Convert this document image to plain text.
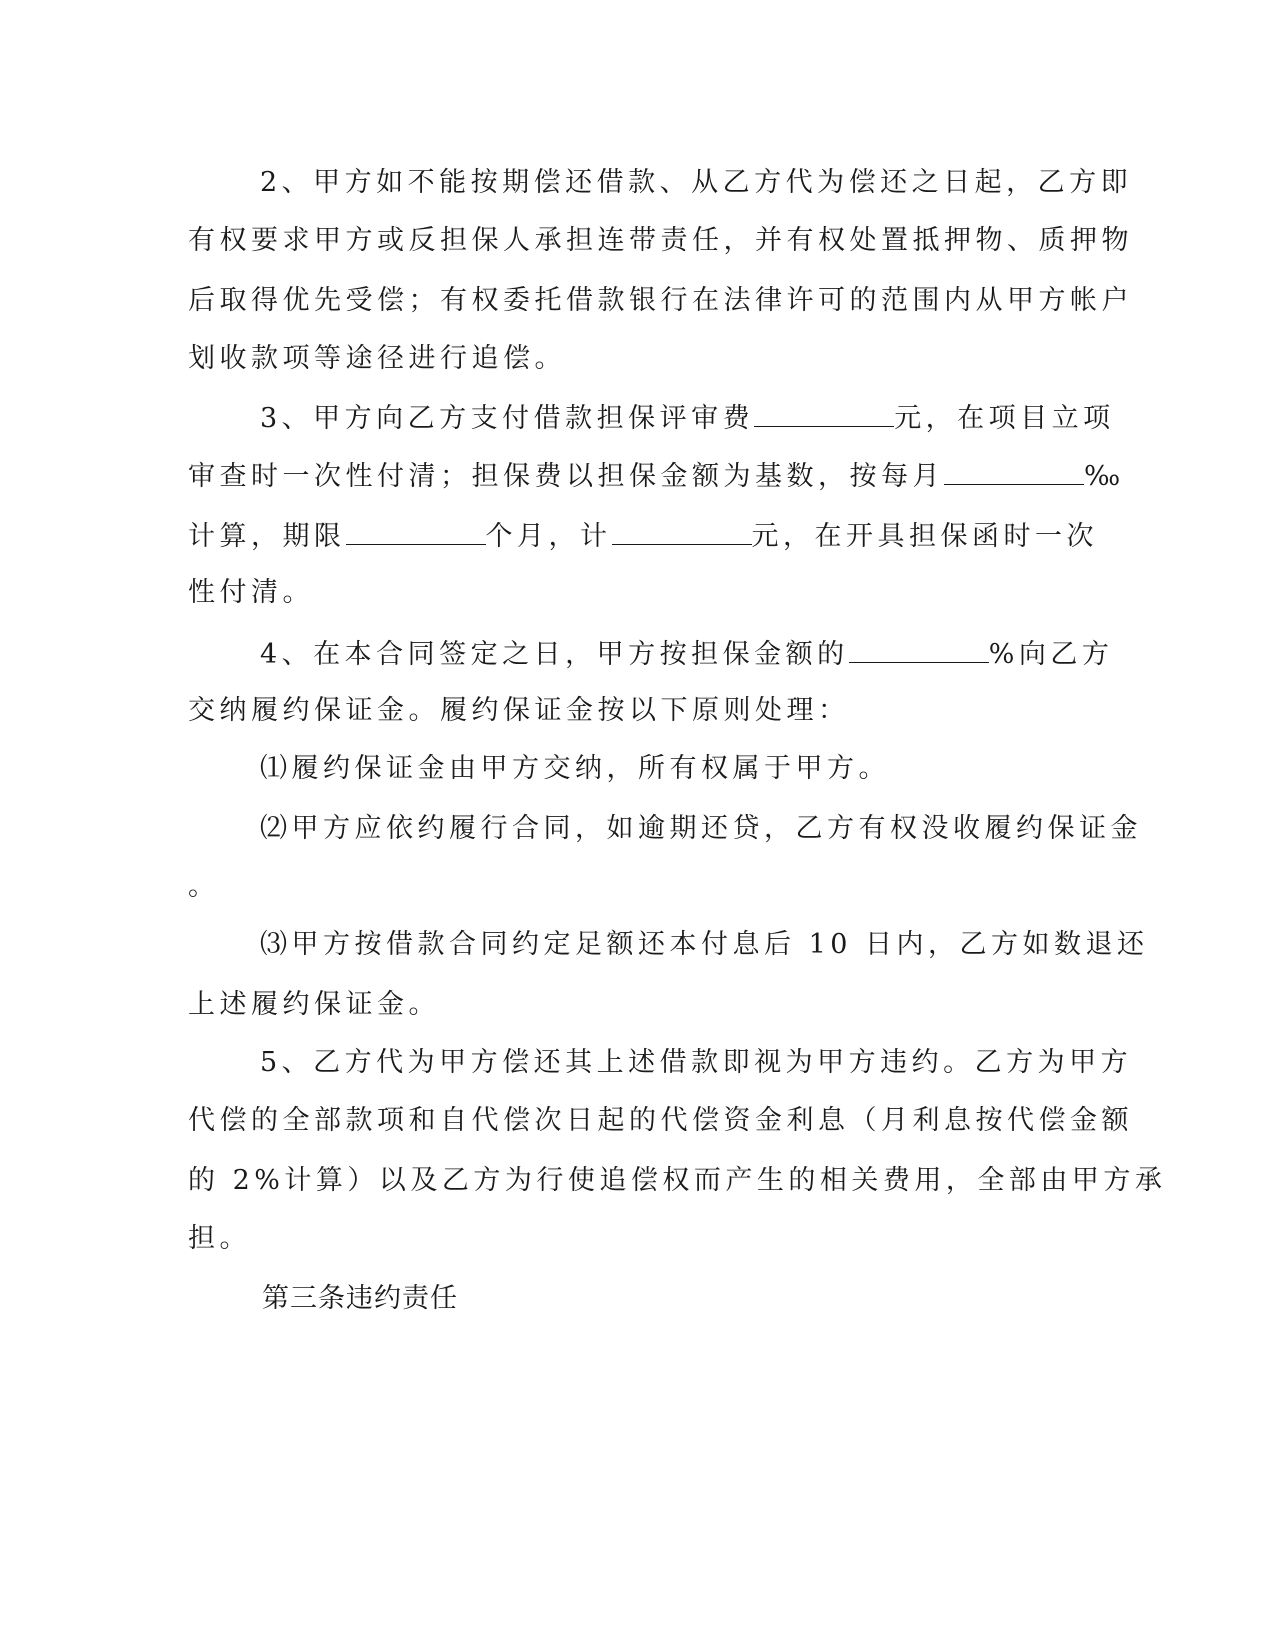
2、甲方如不能按期偿还借款、从乙方代为偿还之日起，乙方即
有权要求甲方或反担保人承担连带责任，并有权处置抵押物、质押物
后取得优先受偿；有权委托借款银行在法律许可的范围内从甲方帐户
划收款项等途径进行追偿。
3、甲方向乙方支付借款担保评审费	元，在项目立项
审查时一次性付清；担保费以担保金额为基数，按每月	‰
计算，期限	个月，计	元，在开具担保函时一次
性付清。
4、在本合同签定之日，甲方按担保金额的	%向乙方
交纳履约保证金。履约保证金按以下原则处理：
⑴履约保证金由甲方交纳，所有权属于甲方。
⑵甲方应依约履行合同，如逾期还贷，乙方有权没收履约保证金
。
⑶甲方按借款合同约定足额还本付息后 10 日内，乙方如数退还
上述履约保证金。
5、乙方代为甲方偿还其上述借款即视为甲方违约。乙方为甲方
代偿的全部款项和自代偿次日起的代偿资金利息（月利息按代偿金额
的 2%计算）以及乙方为行使追偿权而产生的相关费用，全部由甲方承
担。
第三条违约责任
